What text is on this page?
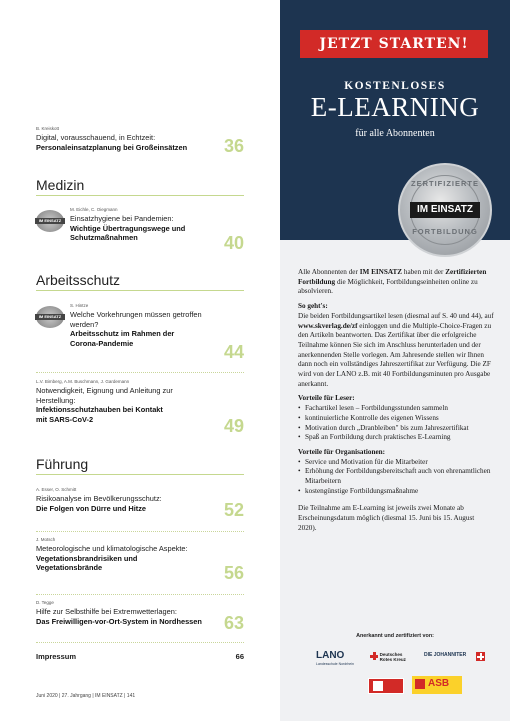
B. Kreiskott
Digital, vorausschauend, in Echtzeit:
Personaleinsatzplanung bei Großeinsätzen	36
Medizin
IM EINSATZ
M. Eichle, C. Oiegmann
Einsatzhygiene bei Pandemien:
Wichtige Übertragungswege und Schutzmaßnahmen	40
Arbeitsschutz
IM EINSATZ
S. Hintze
Welche Vorkehrungen müssen getroffen werden?
Arbeitsschutz im Rahmen der Corona-Pandemie	44
L.V. Bimberg, A.M. Buschmann, J. Gardemann
Notwendigkeit, Eignung und Anleitung zur Herstellung:
Infektionsschutzhauben bei Kontakt mit SARS-CoV-2	49
Führung
A. Esser, O. Schmitt
Risikoanalyse im Bevölkerungsschutz:
Die Folgen von Dürre und Hitze	52
J. Motsch
Meteorologische und klimatologische Aspekte:
Vegetationsbrandrisiken und Vegetationsbrände	56
D. Tegge
Hilfe zur Selbsthilfe bei Extremwetterlagen:
Das Freiwilligen-vor-Ort-System in Nordhessen	63
Impressum	66
Juni 2020 | 27. Jahrgang | IM EINSATZ | 141
JETZT STARTEN!
KOSTENLOSES
E-LEARNING
für alle Abonnenten
ZERTIFIZIERTE
IM EINSATZ
FORTBILDUNG

Alle Abonnenten der IM EINSATZ haben mit der Zertifizierten Fortbildung die Möglichkeit, Fortbildungseinheiten online zu absolvieren.

So geht's:

Die beiden Fortbildungsartikel lesen (diesmal auf S. 40 und 44), auf www.skverlag.de/zf einloggen und die Multiple-Choice-Fragen zu den Artikeln beantworten. Das Zertifikat über die erfolgreiche Teilnahme können Sie sich im Anschluss herunterladen und der anerkennenden Stelle vorlegen. Am Jahresende stellen wir Ihnen dann noch ein vollständiges Jahreszertifikat zur Verfügung. Die ZF wird von der LANO z.B. mit 40 Fortbildungsminuten pro Ausgabe anerkannt.

Vorteile für Leser:
• Fachartikel lesen – Fortbildungsstunden sammeln
• kontinuierliche Kontrolle des eigenen Wissens
• Motivation durch „Dranbleiben" bis zum Jahreszertifikat
• Spaß an Fortbildung durch praktisches E-Learning
Vorteile für Organisationen:
• Service und Motivation für die Mitarbeiter
• Erhöhung der Fortbildungsbereitschaft auch von ehrenamtlichen Mitarbeitern
• kostengünstige Fortbildungsmaßnahme

Die Teilnahme am E-Learning ist jeweils zwei Monate ab Erscheinungsdatum möglich (diesmal 15. Juni bis 15. August 2020).

Anerkannt und zertifiziert von:
LANO
Landesschule Nordrhein
Deutsches Rotes Kreuz
DIE JOHANNITER
ASB
